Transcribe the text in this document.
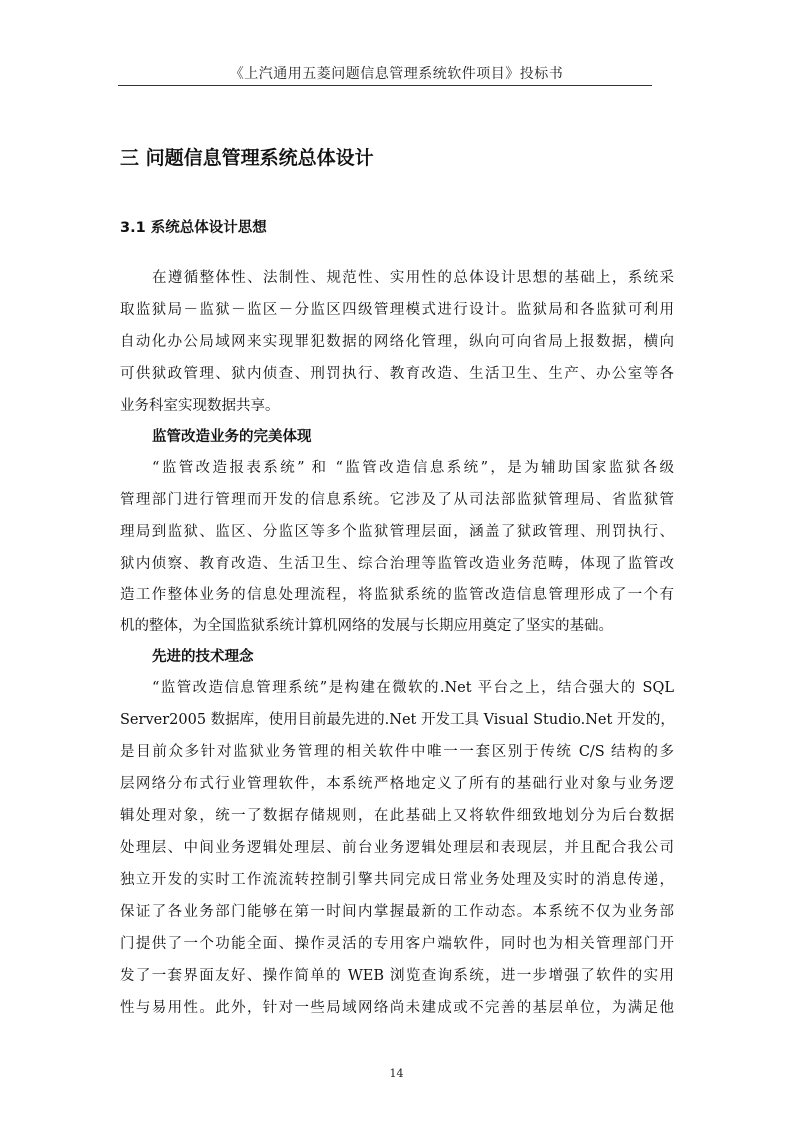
《上汽通用五菱问题信息管理系统软件项目》投标书
三 问题信息管理系统总体设计
3.1 系统总体设计思想
在遵循整体性、法制性、规范性、实用性的总体设计思想的基础上，系统采
取监狱局－监狱－监区－分监区四级管理模式进行设计。监狱局和各监狱可利用
自动化办公局域网来实现罪犯数据的网络化管理，纵向可向省局上报数据，横向
可供狱政管理、狱内侦查、刑罚执行、教育改造、生活卫生、生产、办公室等各
业务科室实现数据共享。
监管改造业务的完美体现
“监管改造报表系统” 和 “监管改造信息系统”，是为辅助国家监狱各级
管理部门进行管理而开发的信息系统。它涉及了从司法部监狱管理局、省监狱管
理局到监狱、监区、分监区等多个监狱管理层面，涵盖了狱政管理、刑罚执行、
狱内侦察、教育改造、生活卫生、综合治理等监管改造业务范畴，体现了监管改
造工作整体业务的信息处理流程，将监狱系统的监管改造信息管理形成了一个有
机的整体，为全国监狱系统计算机网络的发展与长期应用奠定了坚实的基础。
先进的技术理念
“监管改造信息管理系统”是构建在微软的.Net 平台之上，结合强大的 SQL
Server2005 数据库，使用目前最先进的.Net 开发工具 Visual Studio.Net 开发的，
是目前众多针对监狱业务管理的相关软件中唯一一套区别于传统 C/S 结构的多
层网络分布式行业管理软件，本系统严格地定义了所有的基础行业对象与业务逻
辑处理对象，统一了数据存储规则，在此基础上又将软件细致地划分为后台数据
处理层、中间业务逻辑处理层、前台业务逻辑处理层和表现层，并且配合我公司
独立开发的实时工作流流转控制引擎共同完成日常业务处理及实时的消息传递，
保证了各业务部门能够在第一时间内掌握最新的工作动态。本系统不仅为业务部
门提供了一个功能全面、操作灵活的专用客户端软件，同时也为相关管理部门开
发了一套界面友好、操作简单的 WEB 浏览查询系统，进一步增强了软件的实用
性与易用性。此外，针对一些局域网络尚未建成或不完善的基层单位，为满足他
14
